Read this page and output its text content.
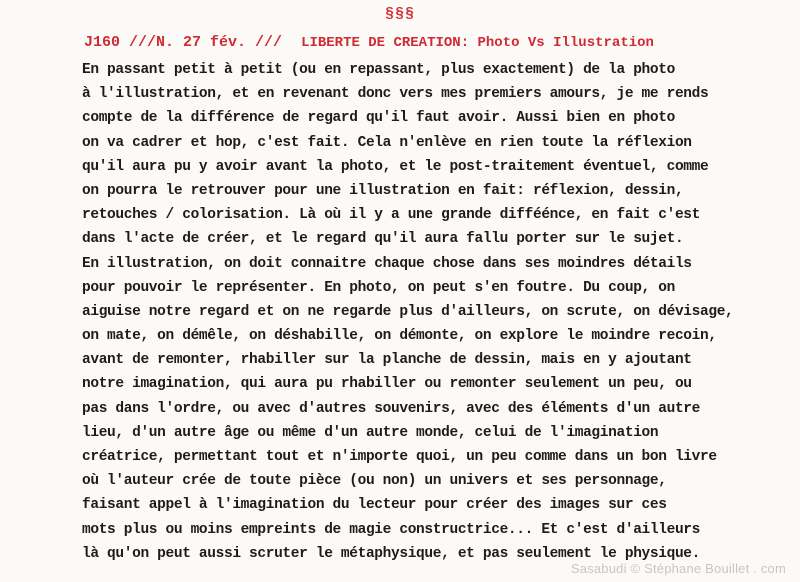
§§§
J160 ///N. 27 fév. /// LIBERTE DE CREATION: Photo Vs Illustration
En passant petit à petit (ou en repassant, plus exactement) de la photo
à l'illustration, et en revenant donc vers mes premiers amours, je me rends
compte de la différence de regard qu'il faut avoir. Aussi bien en photo
on va cadrer et hop, c'est fait. Cela n'enlève en rien toute la réflexion
qu'il aura pu y avoir avant la photo, et le post-traitement éventuel, comme
on pourra le retrouver pour une illustration en fait: réflexion, dessin,
retouches / colorisation. Là où il y a une grande difféénce, en fait c'est
dans l'acte de créer, et le regard qu'il aura fallu porter sur le sujet.
En illustration, on doit connaitre chaque chose dans ses moindres détails
pour pouvoir le représenter. En photo, on peut s'en foutre. Du coup, on
aiguise notre regard et on ne regarde plus d'ailleurs, on scrute, on dévisage,
on mate, on démêle, on déshabille, on démonte, on explore le moindre recoin,
avant de remonter, rhabiller sur la planche de dessin, mais en y ajoutant
notre imagination, qui aura pu rhabiller ou remonter seulement un peu, ou
pas dans l'ordre, ou avec d'autres souvenirs, avec des éléments d'un autre
lieu, d'un autre âge ou même d'un autre monde, celui de l'imagination
créatrice, permettant tout et n'importe quoi, un peu comme dans un bon livre
où l'auteur crée de toute pièce (ou non) un univers et ses personnage,
faisant appel à l'imagination du lecteur pour créer des images sur ces
mots plus ou moins empreints de magie constructrice... Et c'est d'ailleurs
là qu'on peut aussi scruter le métaphysique, et pas seulement le physique.
Sasabudi © Stéphane Bouillet . com
